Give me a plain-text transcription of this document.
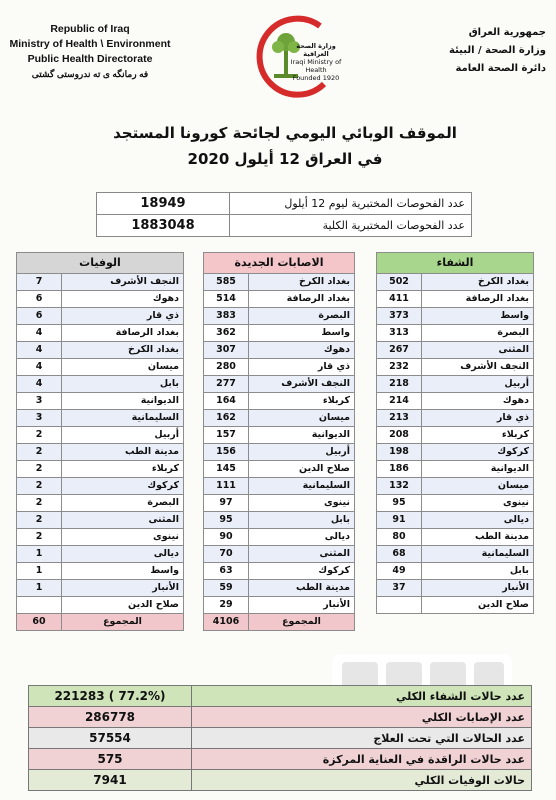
Republic of Iraq
Ministry of Health \ Environment
Public Health Directorate
فه رمانگه ى ته ندروستى گشتى
وزارة الصحة العراقية
Iraqi Ministry of Health
Founded 1920
جمهورية العراق
وزارة الصحة / البيئة
دائرة الصحة العامة
الموقف الوبائي اليومي لجائحة كورونا المستجد
في العراق 12 أيلول 2020
عدد الفحوصات المختبرية ليوم 12 أيلول	18949
عدد الفحوصات المختبرية الكلية	1883048
الشفاء	
بغداد الكرخ	502
بغداد الرصافة	411
واسط	373
البصرة	313
المثنى	267
النجف الأشرف	232
أربيل	218
دهوك	214
ذي قار	213
كربلاء	208
كركوك	198
الديوانية	186
ميسان	132
نينوى	95
ديالى	91
مدينة الطب	80
السليمانية	68
بابل	49
الأنبار	37
صلاح الدين	
الاصابات الجديدة	
بغداد الكرخ	585
بغداد الرصافة	514
البصرة	383
واسط	362
دهوك	307
ذي قار	280
النجف الأشرف	277
كربلاء	164
ميسان	162
الديوانية	157
أربيل	156
صلاح الدين	145
السليمانية	111
نينوى	97
بابل	95
ديالى	90
المثنى	70
كركوك	63
مدينة الطب	59
الأنبار	29
المجموع	4106
الوفيات	
النجف الأشرف	7
دهوك	6
ذي قار	6
بغداد الرصافة	4
بغداد الكرخ	4
ميسان	4
بابل	4
الديوانية	3
السليمانية	3
أربيل	2
مدينة الطب	2
كربلاء	2
كركوك	2
البصرة	2
المثنى	2
نينوى	2
ديالى	1
واسط	1
الأنبار	1
صلاح الدين	
المجموع	60
عدد حالات الشفاء الكلي	(77.2% ) 221283
عدد الإصابات الكلي	286778
عدد الحالات التي تحت العلاج	57554
عدد حالات الراقدة في العناية المركزة	575
حالات الوفيات الكلي	7941
